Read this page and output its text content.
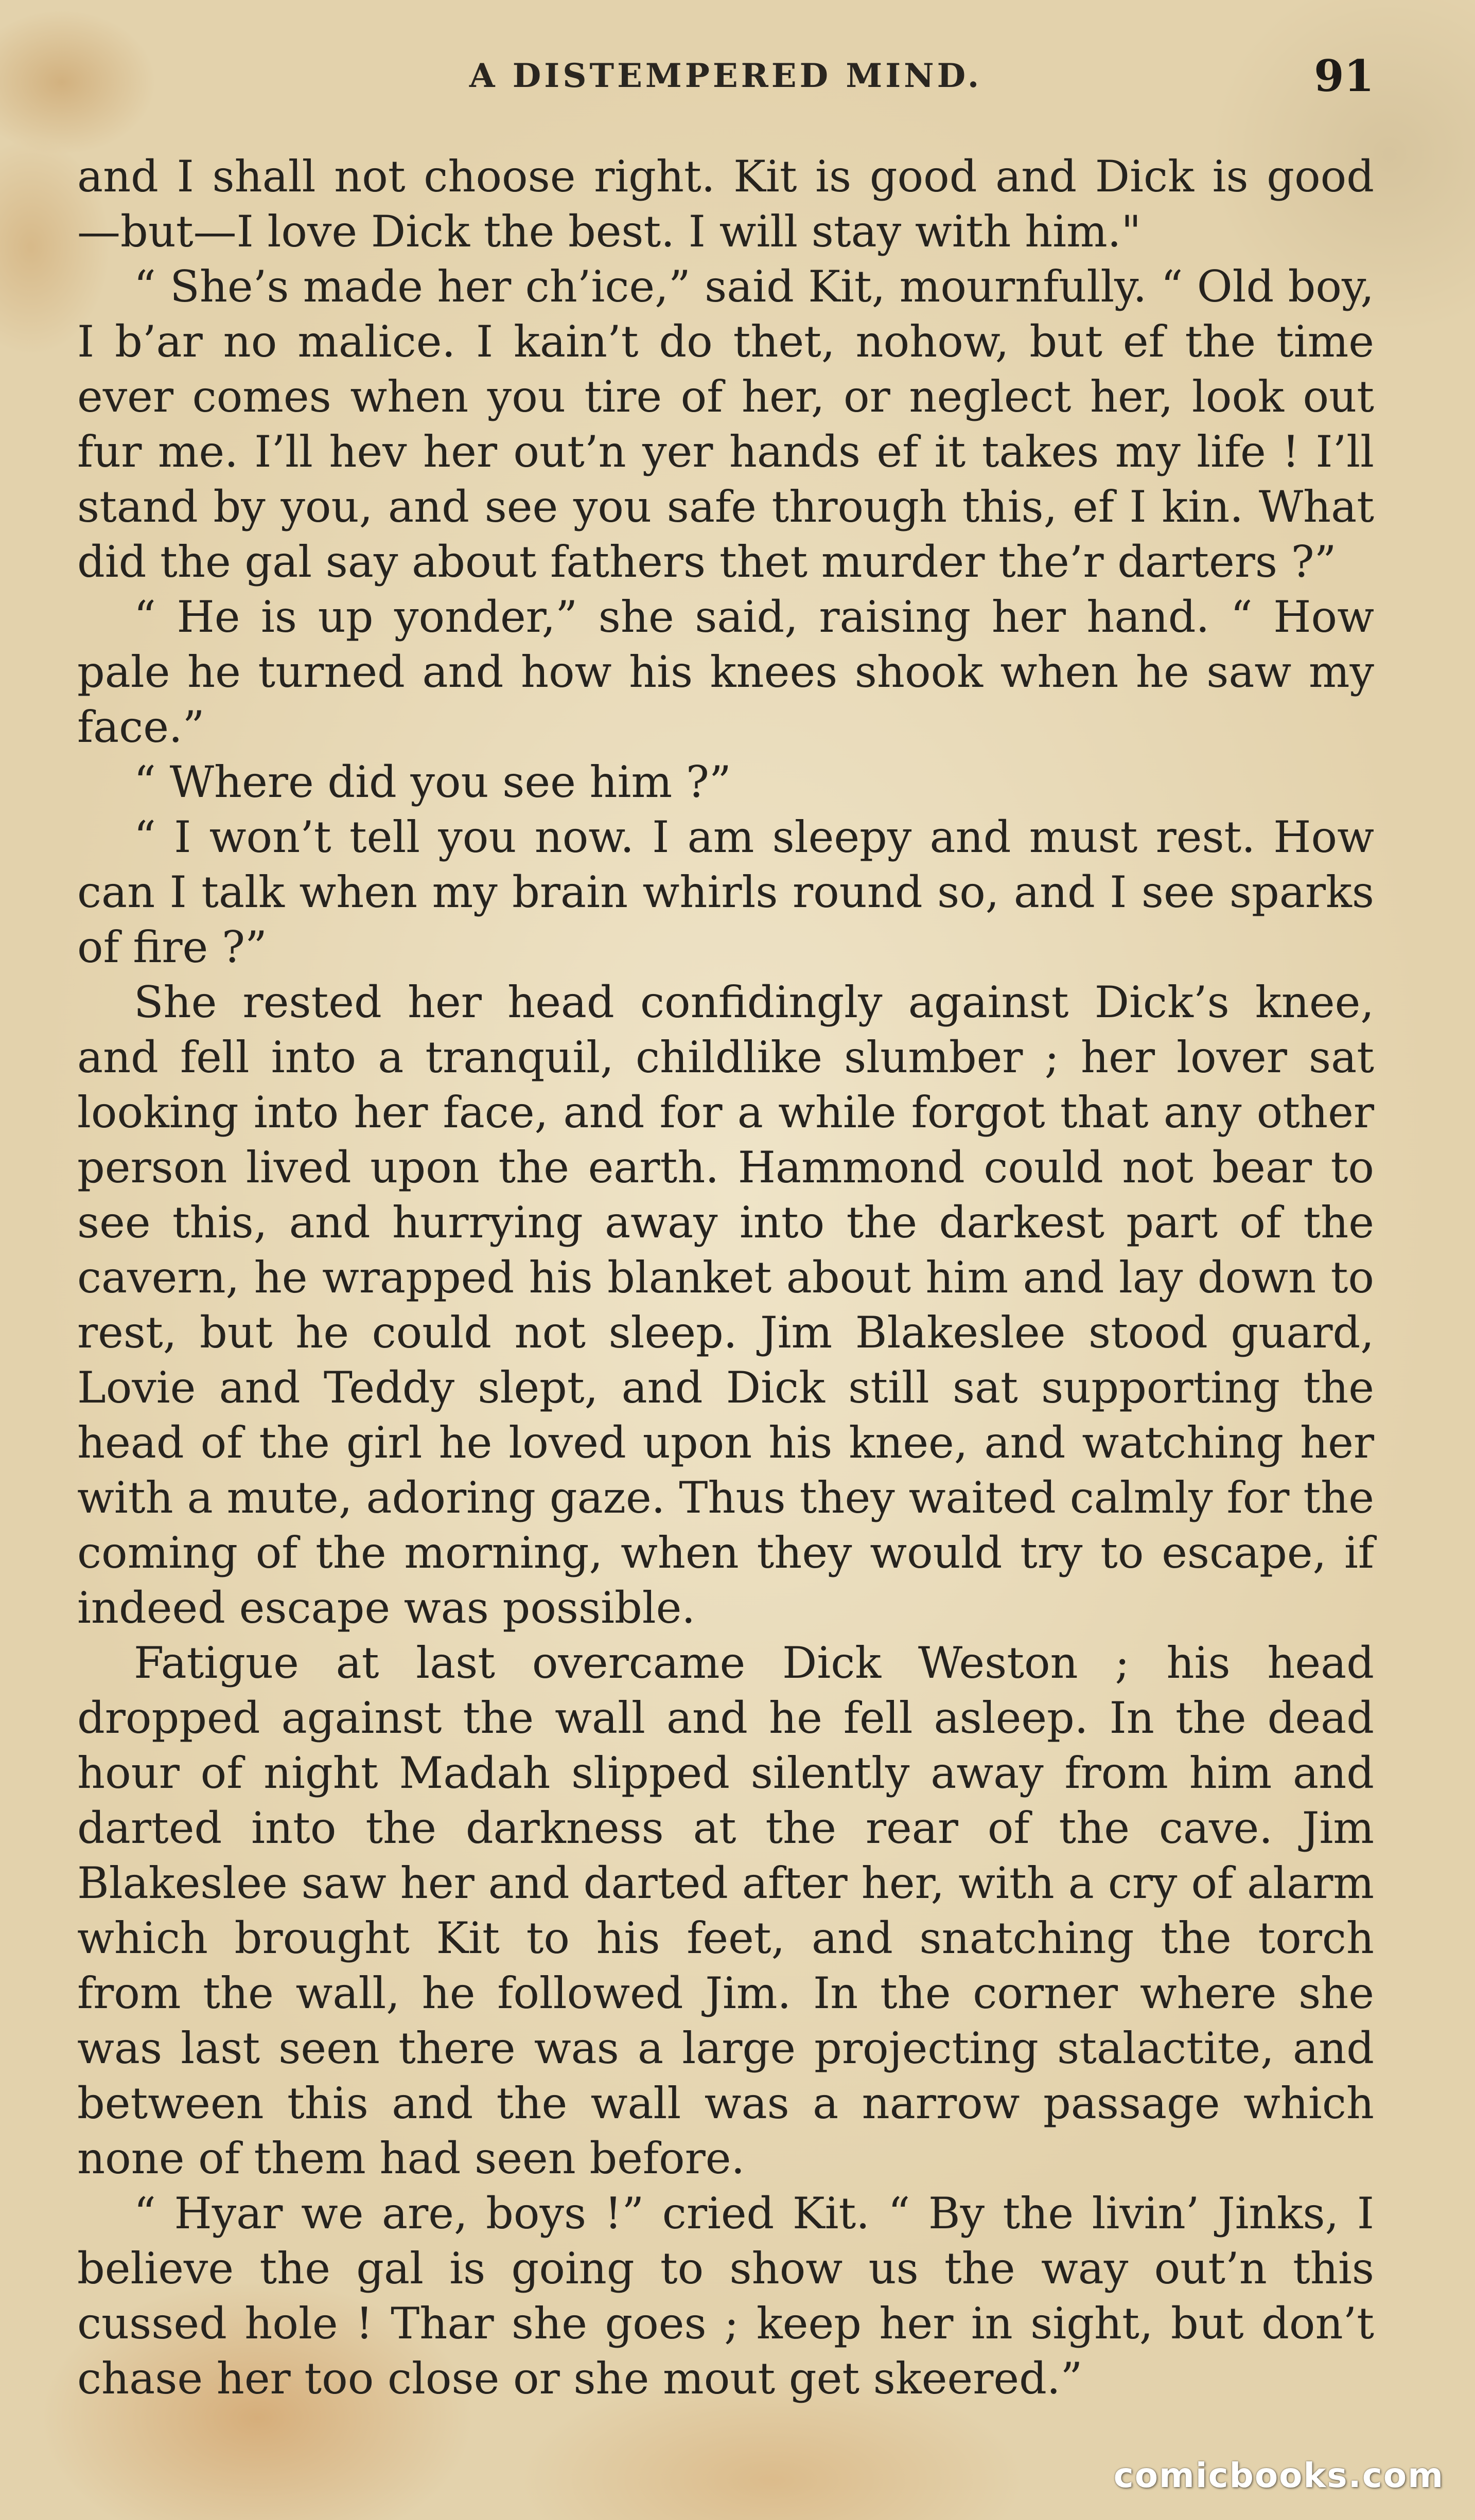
A DISTEMPERED MIND.	91

and I shall not choose right. Kit is good and Dick is good —but—I love Dick the best. I will stay with him."

“ She’s made her ch’ice,” said Kit, mournfully. “ Old boy, I b’ar no malice. I kain’t do thet, nohow, but ef the time ever comes when you tire of her, or neglect her, look out fur me. I’ll hev her out’n yer hands ef it takes my life ! I’ll stand by you, and see you safe through this, ef I kin. What did the gal say about fathers thet murder the’r darters ?”

“ He is up yonder,” she said, raising her hand. “ How pale he turned and how his knees shook when he saw my face.”

“ Where did you see him ?”

“ I won’t tell you now. I am sleepy and must rest. How can I talk when my brain whirls round so, and I see sparks of fire ?”

She rested her head confidingly against Dick’s knee, and fell into a tranquil, childlike slumber ; her lover sat looking into her face, and for a while forgot that any other person lived upon the earth. Hammond could not bear to see this, and hurrying away into the darkest part of the cavern, he wrapped his blanket about him and lay down to rest, but he could not sleep. Jim Blakeslee stood guard, Lovie and Teddy slept, and Dick still sat supporting the head of the girl he loved upon his knee, and watching her with a mute, adoring gaze. Thus they waited calmly for the coming of the morning, when they would try to escape, if indeed escape was possible.

Fatigue at last overcame Dick Weston ; his head dropped against the wall and he fell asleep. In the dead hour of night Madah slipped silently away from him and darted into the darkness at the rear of the cave. Jim Blakeslee saw her and darted after her, with a cry of alarm which brought Kit to his feet, and snatching the torch from the wall, he followed Jim. In the corner where she was last seen there was a large projecting stalactite, and between this and the wall was a narrow passage which none of them had seen before.

“ Hyar we are, boys !” cried Kit. “ By the livin’ Jinks, I believe the gal is going to show us the way out’n this cussed hole ! Thar she goes ; keep her in sight, but don’t chase her too close or she mout get skeered.”

comicbooks.com
